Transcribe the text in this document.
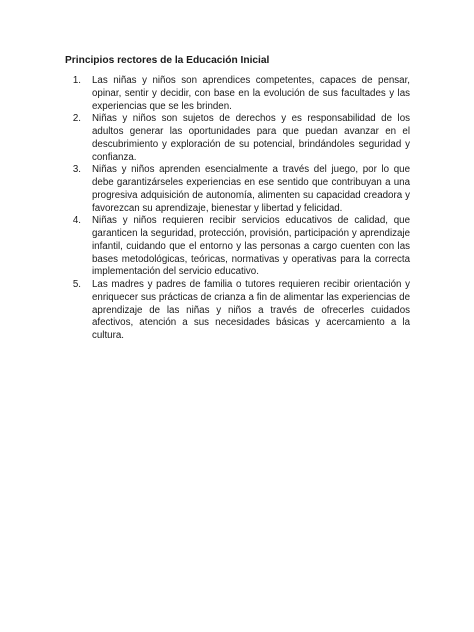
Principios rectores de la Educación Inicial
1. Las niñas y niños son aprendices competentes, capaces de pensar, opinar, sentir y decidir, con base en la evolución de sus facultades y las experiencias que se les brinden.
2. Niñas y niños son sujetos de derechos y es responsabilidad de los adultos generar las oportunidades para que puedan avanzar en el descubrimiento y exploración de su potencial, brindándoles seguridad y confianza.
3. Niñas y niños aprenden esencialmente a través del juego, por lo que debe garantizárseles experiencias en ese sentido que contribuyan a una progresiva adquisición de autonomía, alimenten su capacidad creadora y favorezcan su aprendizaje, bienestar y libertad y felicidad.
4. Niñas y niños requieren recibir servicios educativos de calidad, que garanticen la seguridad, protección, provisión, participación y aprendizaje infantil, cuidando que el entorno y las personas a cargo cuenten con las bases metodológicas, teóricas, normativas y operativas para la correcta implementación del servicio educativo.
5. Las madres y padres de familia o tutores requieren recibir orientación y enriquecer sus prácticas de crianza a fin de alimentar las experiencias de aprendizaje de las niñas y niños a través de ofrecerles cuidados afectivos, atención a sus necesidades básicas y acercamiento a la cultura.
